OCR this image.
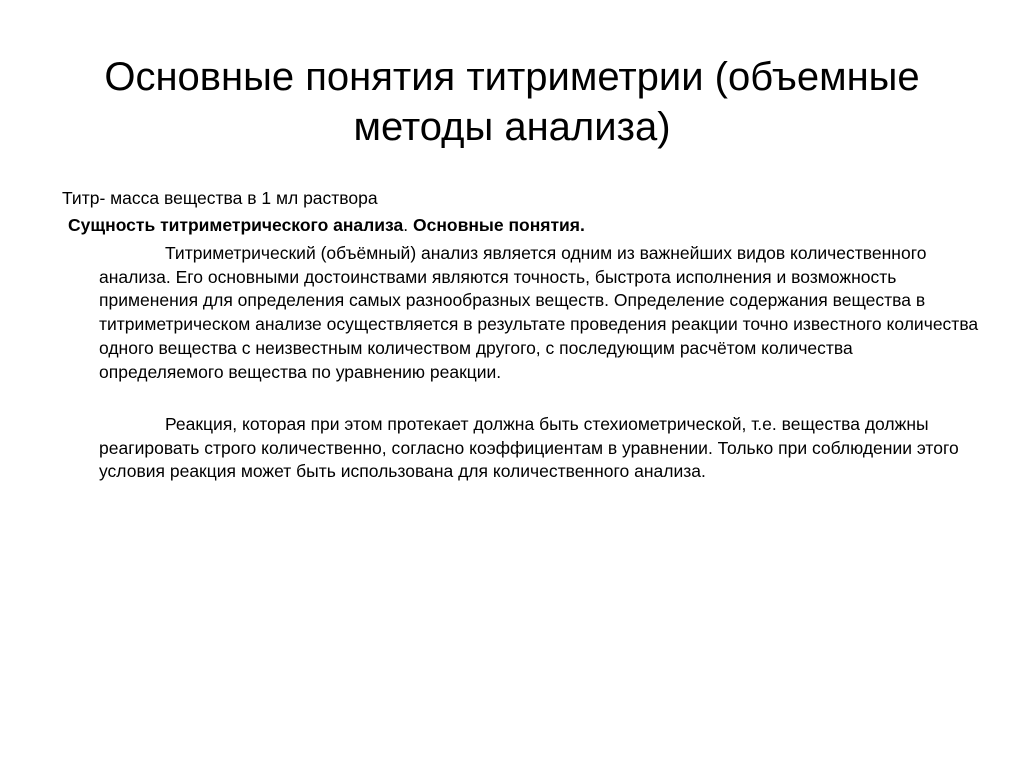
Основные понятия титриметрии (объемные
методы анализа)

Титр- масса вещества в 1 мл раствора

Сущность титриметрического анализа. Основные понятия.

Титриметрический (объёмный) анализ является одним из важнейших видов количественного анализа. Его основными достоинствами являются точность, быстрота исполнения и возможность применения для определения самых разнообразных веществ. Определение содержания вещества в титриметрическом анализе осуществляется в результате проведения реакции точно известного количества одного вещества с неизвестным количеством другого, с последующим расчётом количества определяемого вещества по уравнению реакции.

Реакция, которая при этом протекает должна быть стехиометрической, т.е. вещества должны реагировать строго количественно, согласно коэффициентам в уравнении. Только при соблюдении этого условия реакция может быть использована для количественного анализа.
